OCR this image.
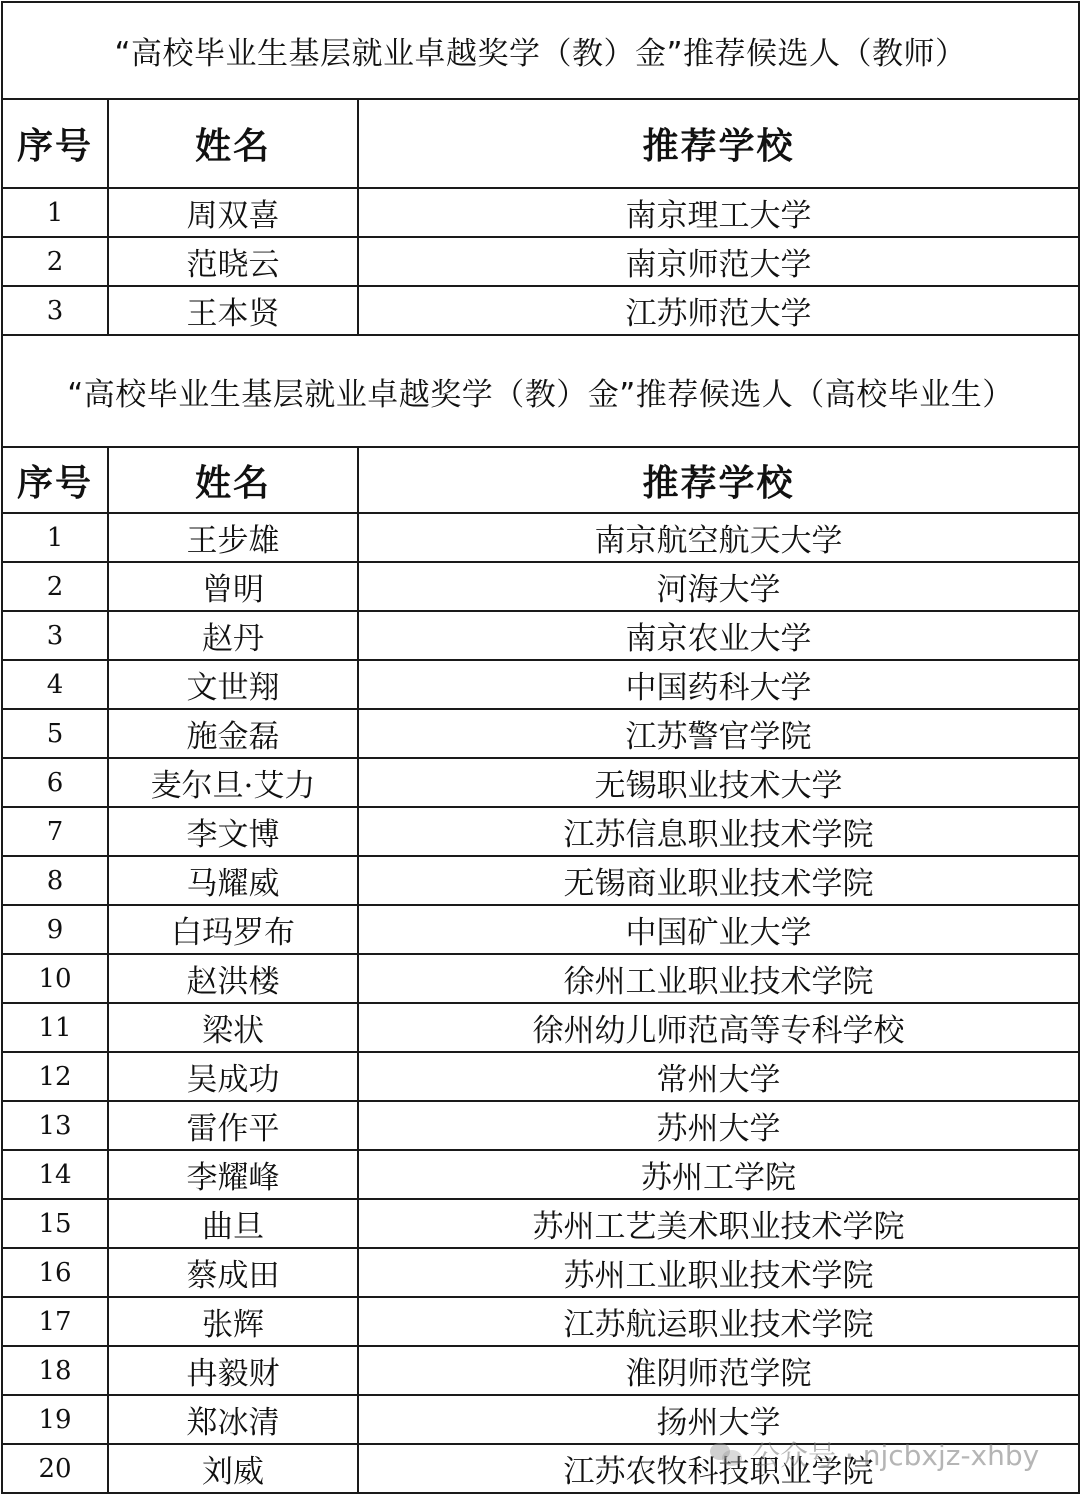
“高校毕业生基层就业卓越奖学（教）金”推荐候选人（教师）		
序号	姓名	推荐学校
1	周双喜	南京理工大学
2	范晓云	南京师范大学
3	王本贤	江苏师范大学
“高校毕业生基层就业卓越奖学（教）金”推荐候选人（高校毕业生）		
序号	姓名	推荐学校
1	王步雄	南京航空航天大学
2	曾明	河海大学
3	赵丹	南京农业大学
4	文世翔	中国药科大学
5	施金磊	江苏警官学院
6	麦尔旦·艾力	无锡职业技术大学
7	李文博	江苏信息职业技术学院
8	马耀威	无锡商业职业技术学院
9	白玛罗布	中国矿业大学
10	赵洪楼	徐州工业职业技术学院
11	梁状	徐州幼儿师范高等专科学校
12	吴成功	常州大学
13	雷作平	苏州大学
14	李耀峰	苏州工学院
15	曲旦	苏州工艺美术职业技术学院
16	蔡成田	苏州工业职业技术学院
17	张辉	江苏航运职业技术学院
18	冉毅财	淮阴师范学院
19	郑冰清	扬州大学
20	刘威	江苏农牧科技职业学院
公众号 · njcbxjz-xhby
